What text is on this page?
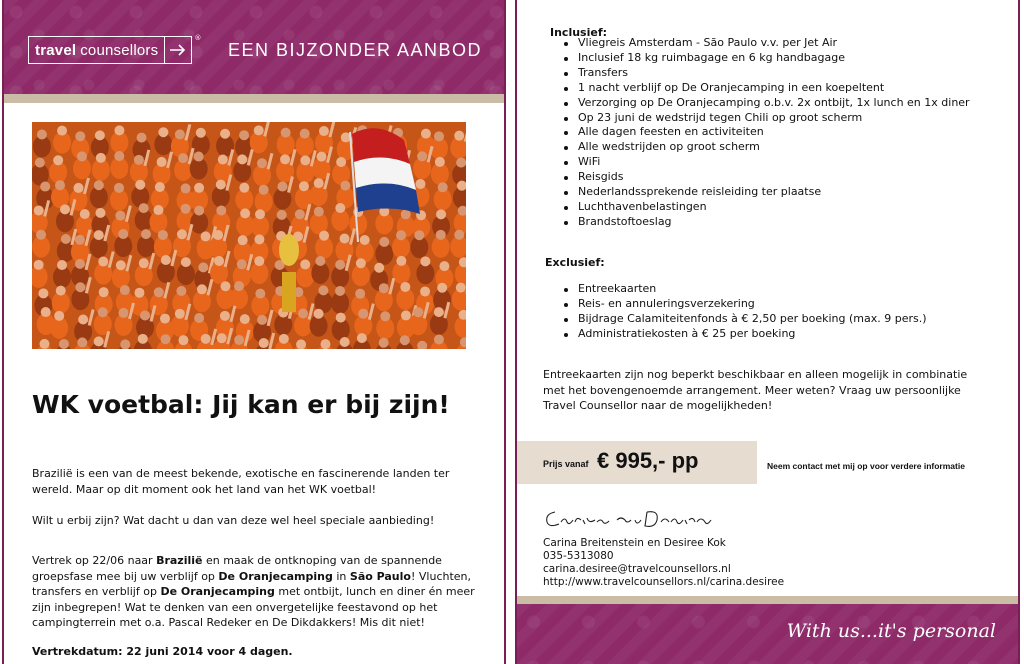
travel counsellors
®
EEN BIJZONDER AANBOD
WK voetbal: Jij kan er bij zijn!

Brazilië is een van de meest bekende, exotische en fascinerende landen ter wereld. Maar op dit moment ook het land van het WK voetbal!

Wilt u erbij zijn? Wat dacht u dan van deze wel heel speciale aanbieding!

Vertrek op 22/06 naar Brazilië en maak de ontknoping van de spannende groepsfase mee bij uw verblijf op De Oranjecamping in São Paulo! Vluchten, transfers en verblijf op De Oranjecamping met ontbijt, lunch en diner én meer zijn inbegrepen! Wat te denken van een onvergetelijke feestavond op het campingterrein met o.a. Pascal Redeker en De Dikdakkers! Mis dit niet!

Vertrekdatum: 22 juni 2014 voor 4 dagen.

Inclusief:
Vliegreis Amsterdam - São Paulo v.v. per Jet Air
Inclusief 18 kg ruimbagage en 6 kg handbagage
Transfers
1 nacht verblijf op De Oranjecamping in een koepeltent
Verzorging op De Oranjecamping o.b.v. 2x ontbijt, 1x lunch en 1x diner
Op 23 juni de wedstrijd tegen Chili op groot scherm
Alle dagen feesten en activiteiten
Alle wedstrijden op groot scherm
WiFi
Reisgids
Nederlandssprekende reisleiding ter plaatse
Luchthavenbelastingen
Brandstoftoeslag
Exclusief:
Entreekaarten
Reis- en annuleringsverzekering
Bijdrage Calamiteitenfonds à € 2,50 per boeking (max. 9 pers.)
Administratiekosten à € 25 per boeking

Entreekaarten zijn nog beperkt beschikbaar en alleen mogelijk in combinatie met het bovengenoemde arrangement. Meer weten? Vraag uw persoonlijke Travel Counsellor naar de mogelijkheden!

Prijs vanaf € 995,- pp	Neem contact met mij op voor verdere informatie
Carina Breitenstein en Desiree Kok
035-5313080
carina.desiree@travelcounsellors.nl
http://www.travelcounsellors.nl/carina.desiree
With us...it's personal
